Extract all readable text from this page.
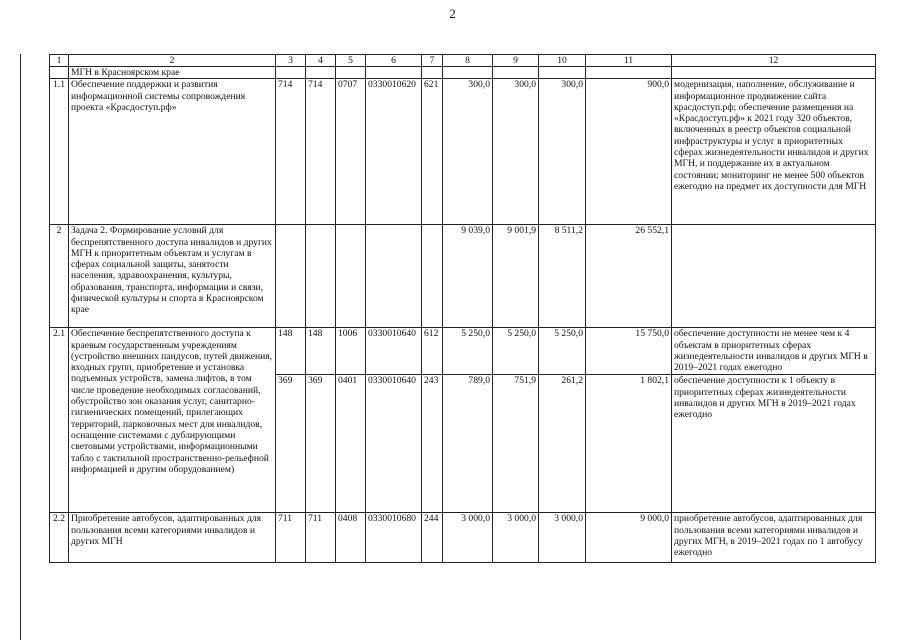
2
1	2	3	4	5	6	7	8	9	10	11	12
	МГН в Красноярском крае										
1.1	Обеспечение поддержки и развития информационной системы сопровождения проекта «Красдоступ.рф»	714	714	0707	0330010620	621	300,0	300,0	300,0	900,0	модернизация, наполнение, обслуживание и информационное продвижение сайта красдоступ.рф; обеспечение размещения на «Красдоступ.рф» к 2021 году 320 объектов, включенных в реестр объектов социальной инфраструктуры и услуг в приоритетных сферах жизнедеятельности инвалидов и других МГН, и поддержание их в актуальном состоянии; мониторинг не менее 500 объектов ежегодно на предмет их доступности для МГН
2	Задача 2. Формирование условий для беспрепятственного доступа инвалидов и других МГН к приоритетным объектам и услугам в сферах социальной защиты, занятости населения, здравоохранения, культуры, образования, транспорта, информации и связи, физической культуры и спорта в Красноярском крае						9 039,0	9 001,9	8 511,2	26 552,1	
2.1	Обеспечение беспрепятственного доступа к краевым государственным учреждениям (устройство внешних пандусов, путей движения, входных групп, приобретение и установка подъемных устройств, замена лифтов, в том числе проведение необходимых согласований, обустройство зон оказания услуг, санитарно-гигиенических помещений, прилегающих территорий, парковочных мест для инвалидов, оснащение системами с дублирующими световыми устройствами, информационными табло с тактильной пространственно-рельефной информацией и другим оборудованием)	148	148	1006	0330010640	612	5 250,0	5 250,0	5 250,0	15 750,0	обеспечение доступности не менее чем к 4 объектам в приоритетных сферах жизнедеятельности инвалидов и других МГН в 2019–2021 годах ежегодно
		369	369	0401	0330010640	243	789,0	751,9	261,2	1 802,1	обеспечение доступности к 1 объекту в приоритетных сферах жизнедеятельности инвалидов и других МГН в 2019–2021 годах ежегодно
2.2	Приобретение автобусов, адаптированных для пользования всеми категориями инвалидов и других МГН	711	711	0408	0330010680	244	3 000,0	3 000,0	3 000,0	9 000,0	приобретение автобусов, адаптированных для пользования всеми категориями инвалидов и других МГН, в 2019–2021 годах по 1 автобусу ежегодно
